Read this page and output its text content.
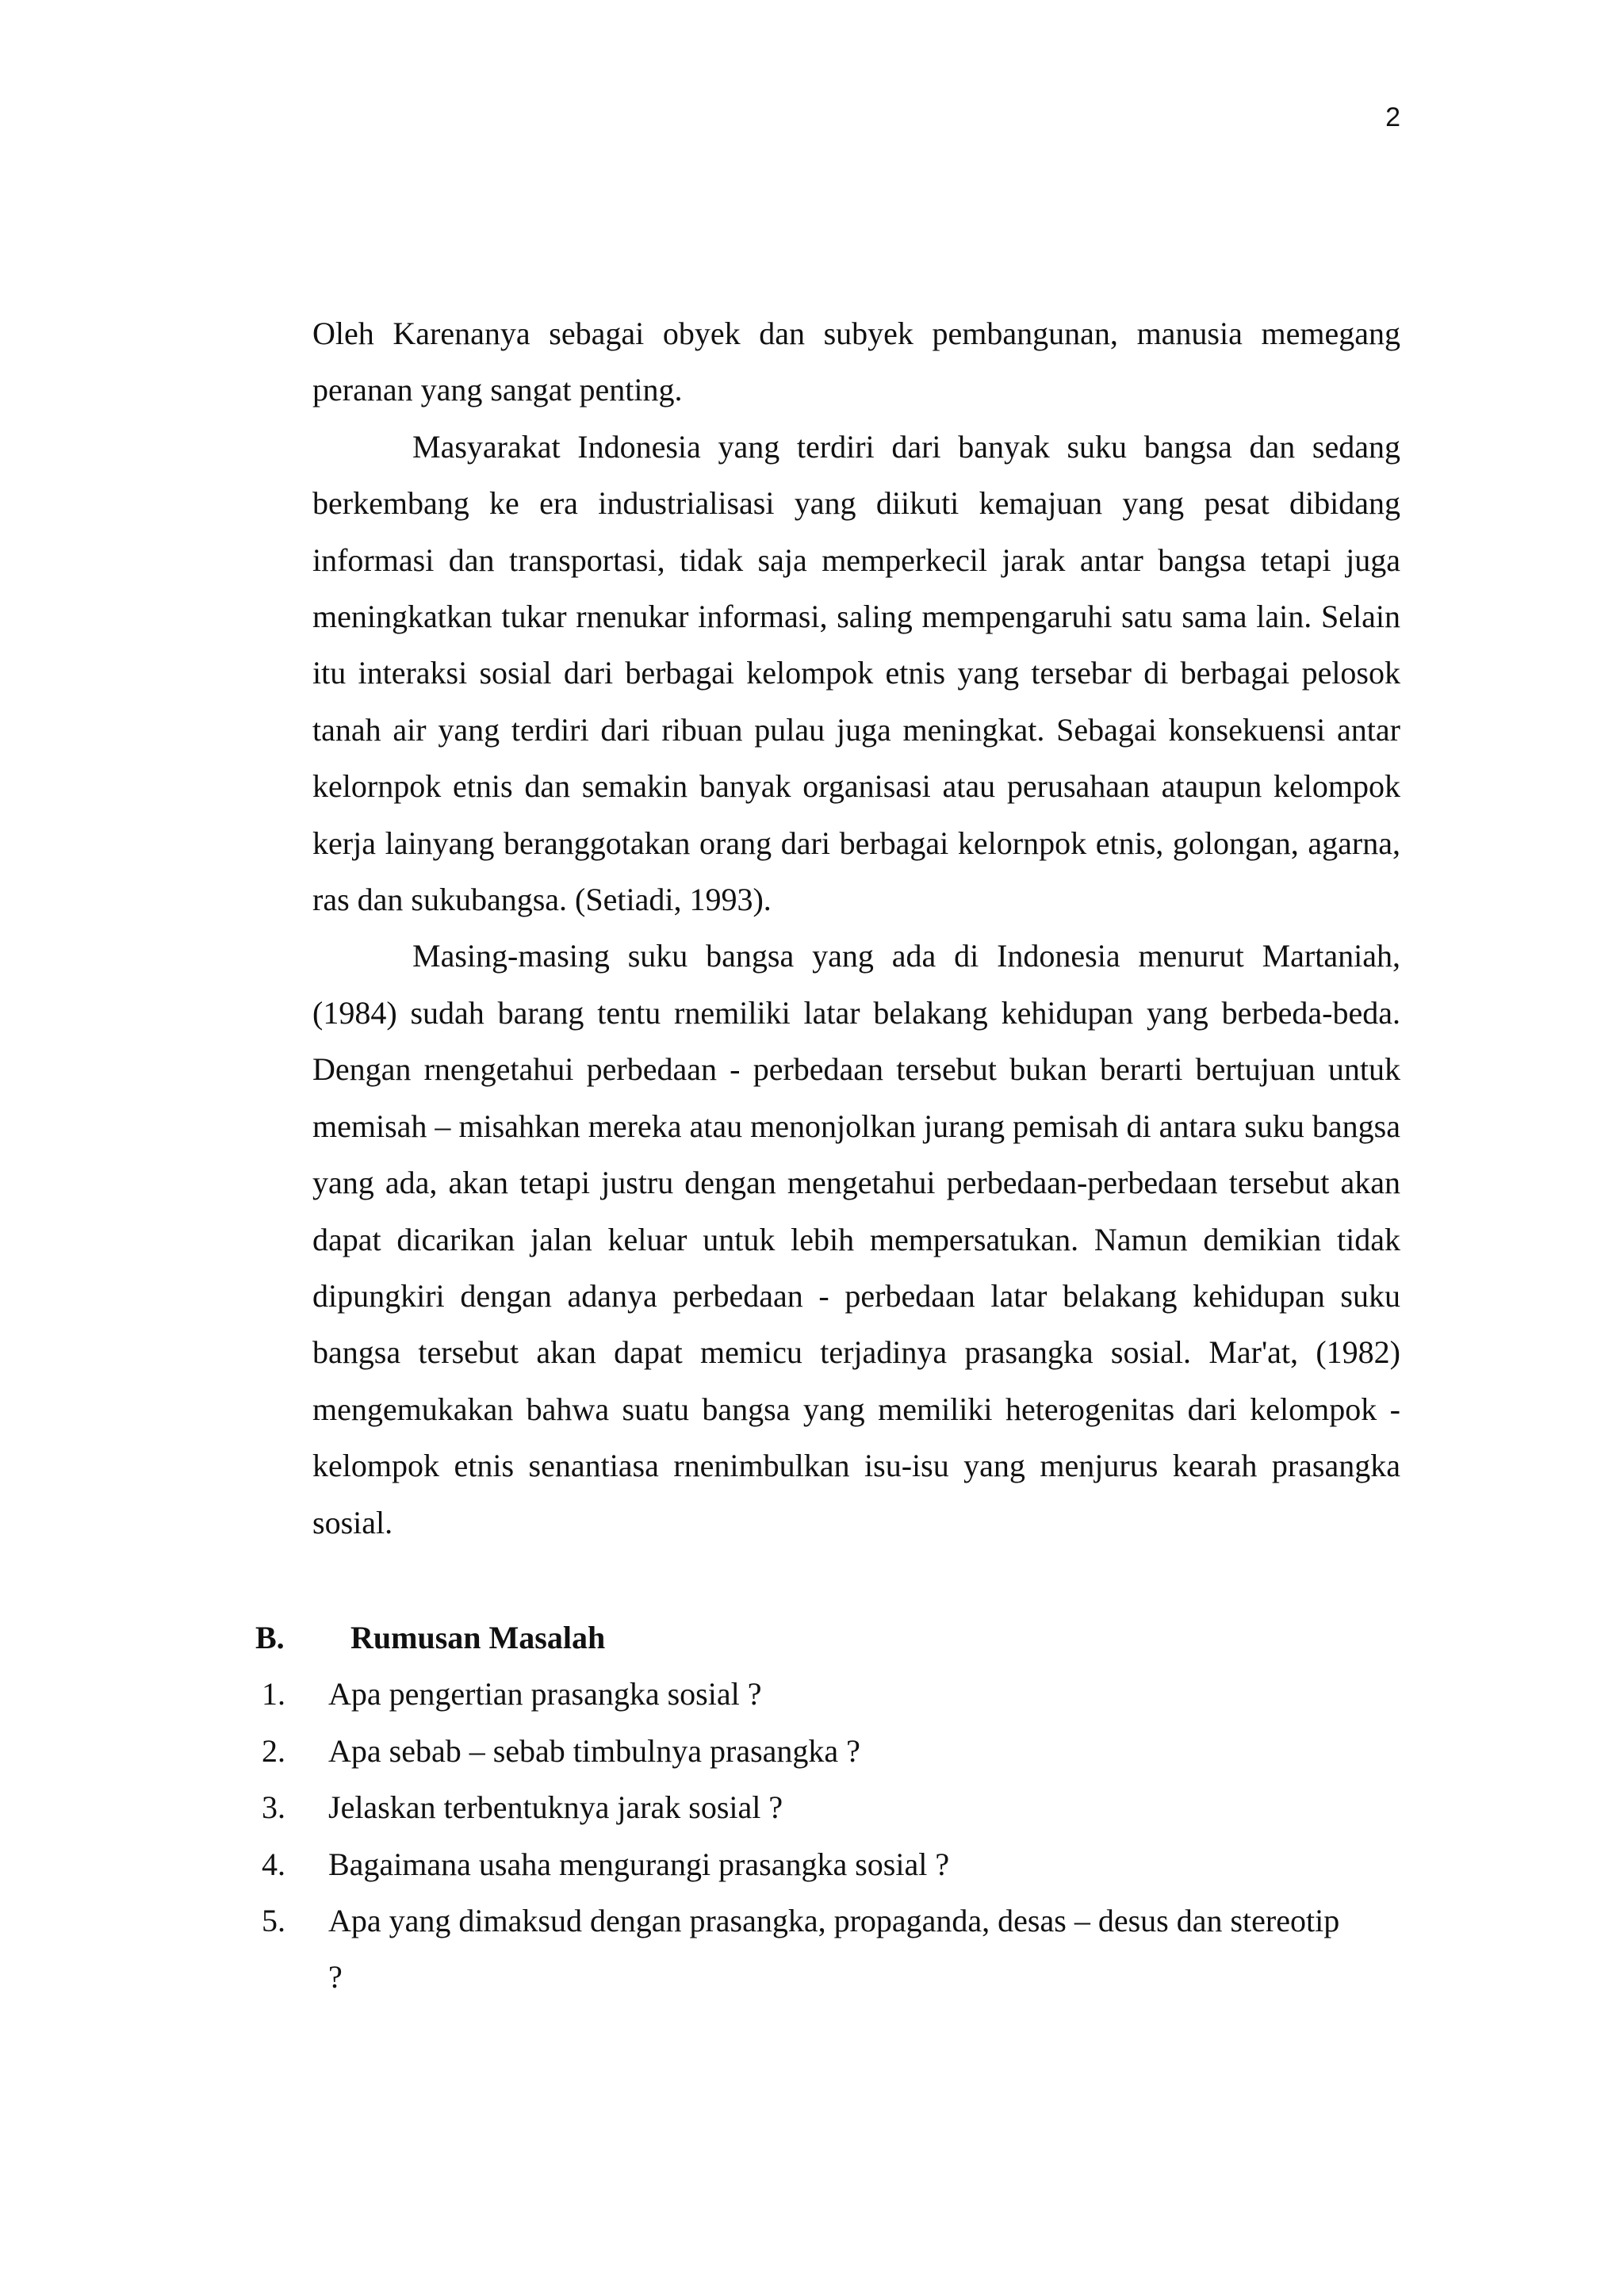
2

Oleh Karenanya sebagai obyek dan subyek pembangunan, manusia memegang peranan yang sangat penting.

Masyarakat Indonesia yang terdiri dari banyak suku bangsa dan sedang berkembang ke era industrialisasi yang diikuti kemajuan yang pesat dibidang informasi dan transportasi, tidak saja memperkecil jarak antar bangsa tetapi juga meningkatkan tukar rnenukar informasi, saling mempengaruhi satu sama lain. Selain itu interaksi sosial dari berbagai kelompok etnis yang tersebar di berbagai pelosok tanah air yang terdiri dari ribuan pulau juga meningkat. Sebagai konsekuensi antar kelornpok etnis dan semakin banyak organisasi atau perusahaan ataupun kelompok kerja lainyang beranggotakan orang dari berbagai kelornpok etnis, golongan, agarna, ras dan sukubangsa. (Setiadi, 1993).

Masing-masing suku bangsa yang ada di Indonesia menurut Martaniah, (1984) sudah barang tentu rnemiliki latar belakang kehidupan yang berbeda-beda. Dengan rnengetahui perbedaan - perbedaan tersebut bukan berarti bertujuan untuk memisah – misahkan mereka atau menonjolkan jurang pemisah di antara suku bangsa yang ada, akan tetapi justru dengan mengetahui perbedaan-perbedaan tersebut akan dapat dicarikan jalan keluar untuk lebih mempersatukan. Namun demikian tidak dipungkiri dengan adanya perbedaan - perbedaan latar belakang kehidupan suku bangsa tersebut akan dapat memicu terjadinya prasangka sosial. Mar'at, (1982) mengemukakan bahwa suatu bangsa yang memiliki heterogenitas dari kelompok - kelompok etnis senantiasa rnenimbulkan isu-isu yang menjurus kearah prasangka sosial.

B.	Rumusan Masalah
1.	Apa pengertian prasangka sosial ?
2.	Apa sebab – sebab timbulnya prasangka ?
3.	Jelaskan terbentuknya jarak sosial ?
4.	Bagaimana usaha mengurangi prasangka sosial ?
5.	Apa yang dimaksud dengan prasangka, propaganda, desas – desus dan stereotip
?
